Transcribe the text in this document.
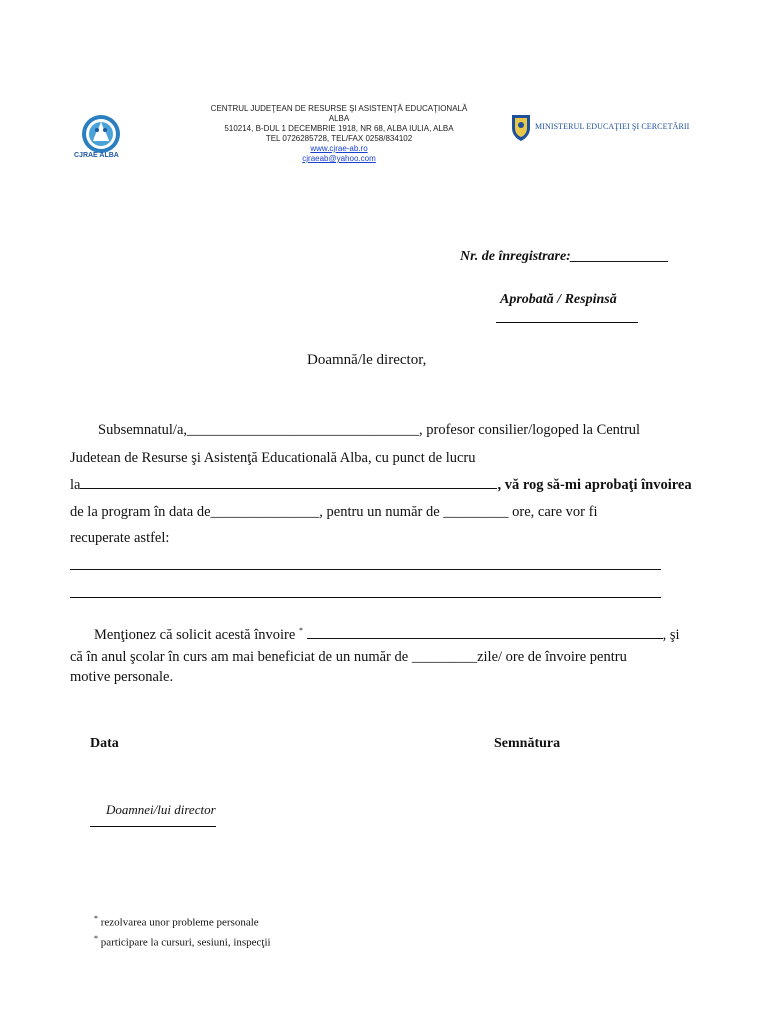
CJRAE ALBA
CENTRUL JUDEŢEAN DE RESURSE ŞI ASISTENŢĂ EDUCAŢIONALĂ
ALBA
510214, B-DUL 1 DECEMBRIE 1918, NR 68, ALBA IULIA, ALBA
TEL 0726285728, TEL/FAX 0258/834102
www.cjrae-ab.ro
cjraeab@yahoo.com
MINISTERUL EDUCAŢIEI ŞI CERCETĂRII
Nr. de înregistrare:______________
Aprobată / Respinsă
Doamnă/le director,
Subsemnatul/a,________________________________, profesor consilier/logoped la Centrul
Judetean de Resurse şi Asistenţă Educatională Alba, cu punct de lucru
la	, vă rog să-mi aprobaţi învoirea
de la program în data de_______________, pentru un număr de _________ ore, care vor fi
recuperate astfel:
Menţionez că solicit acestă învoire *	, şi
că în anul şcolar în curs am mai beneficiat de un număr de _________zile/ ore de învoire pentru
motive personale.
Data	Semnătura
Doamnei/lui director
* rezolvarea unor probleme personale
* participare la cursuri, sesiuni, inspecţii
